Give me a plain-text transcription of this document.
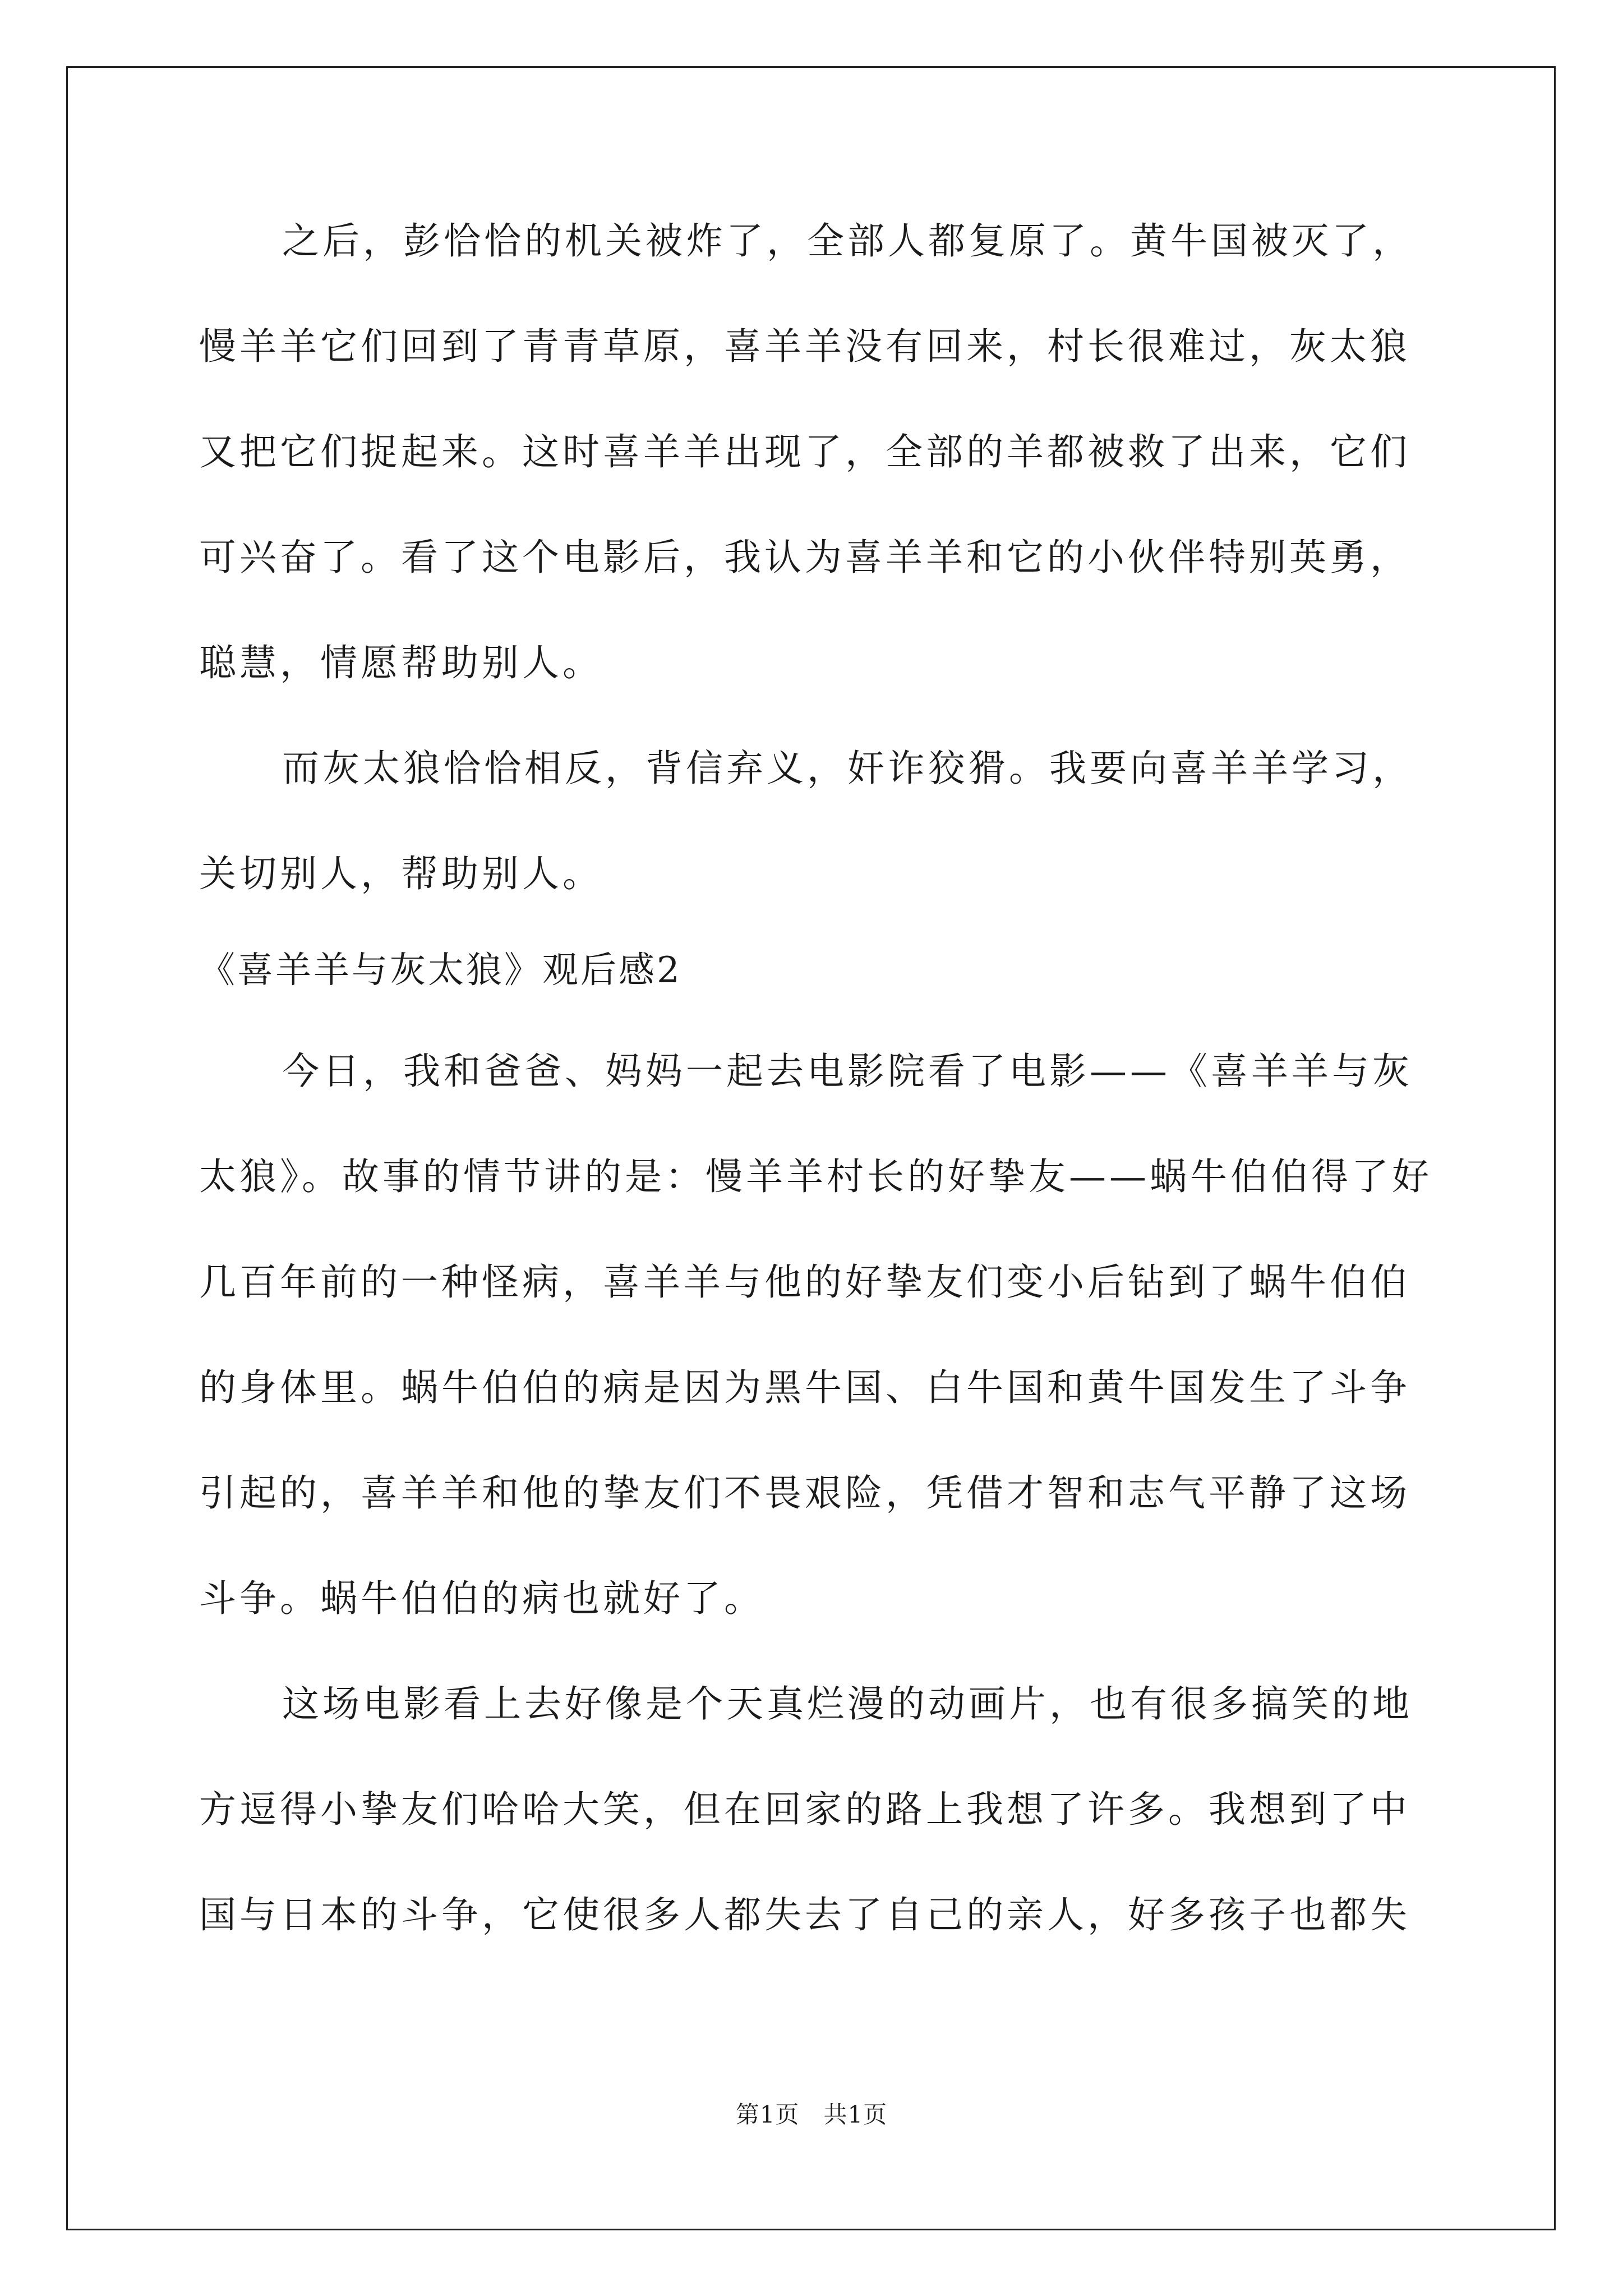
之后，彭恰恰的机关被炸了，全部人都复原了。黄牛国被灭了，
慢羊羊它们回到了青青草原，喜羊羊没有回来，村长很难过，灰太狼
又把它们捉起来。这时喜羊羊出现了，全部的羊都被救了出来，它们
可兴奋了。看了这个电影后，我认为喜羊羊和它的小伙伴特别英勇，
聪慧，情愿帮助别人。
而灰太狼恰恰相反，背信弃义，奸诈狡猾。我要向喜羊羊学习，
关切别人，帮助别人。
《喜羊羊与灰太狼》观后感2
今日，我和爸爸、妈妈一起去电影院看了电影——《喜羊羊与灰
太狼》。故事的情节讲的是：慢羊羊村长的好挚友——蜗牛伯伯得了好
几百年前的一种怪病，喜羊羊与他的好挚友们变小后钻到了蜗牛伯伯
的身体里。蜗牛伯伯的病是因为黑牛国、白牛国和黄牛国发生了斗争
引起的，喜羊羊和他的挚友们不畏艰险，凭借才智和志气平静了这场
斗争。蜗牛伯伯的病也就好了。
这场电影看上去好像是个天真烂漫的动画片，也有很多搞笑的地
方逗得小挚友们哈哈大笑，但在回家的路上我想了许多。我想到了中
国与日本的斗争，它使很多人都失去了自己的亲人，好多孩子也都失
第1页　共1页
